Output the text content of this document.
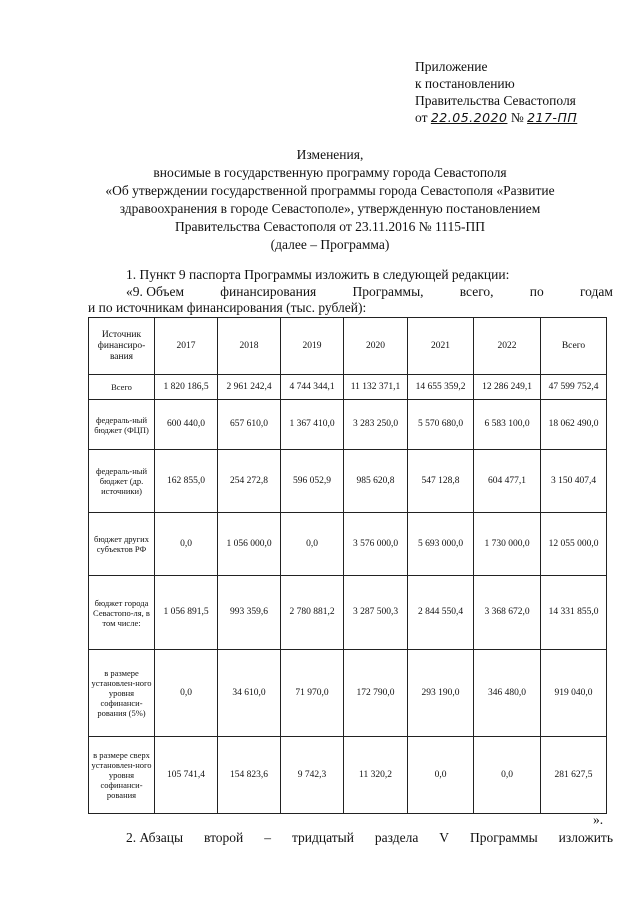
Приложение
к постановлению
Правительства Севастополя
от 22.05.2020 № 217-ПП
Изменения,
вносимые в государственную программу города Севастополя
«Об утверждении государственной программы города Севастополя «Развитие
здравоохранения в городе Севастополе», утвержденную постановлением
Правительства Севастополя от 23.11.2016 № 1115-ПП
(далее – Программа)
1. Пункт 9 паспорта Программы изложить в следующей редакции:
«9. Объем	финансирования	Программы,	всего,	по	годам
и по источникам финансирования (тыс. рублей):
Источник финансиро-вания	2017	2018	2019	2020	2021	2022	Всего
Всего	1 820 186,5	2 961 242,4	4 744 344,1	11 132 371,1	14 655 359,2	12 286 249,1	47 599 752,4
федераль-ный бюджет (ФЦП)	600 440,0	657 610,0	1 367 410,0	3 283 250,0	5 570 680,0	6 583 100,0	18 062 490,0
федераль-ный бюджет (др. источники)	162 855,0	254 272,8	596 052,9	985 620,8	547 128,8	604 477,1	3 150 407,4
бюджет других субъектов РФ	0,0	1 056 000,0	0,0	3 576 000,0	5 693 000,0	1 730 000,0	12 055 000,0
бюджет города Севастопо-ля, в том числе:	1 056 891,5	993 359,6	2 780 881,2	3 287 500,3	2 844 550,4	3 368 672,0	14 331 855,0
в размере установлен-ного уровня софинанси-рования (5%)	0,0	34 610,0	71 970,0	172 790,0	293 190,0	346 480,0	919 040,0
в размере сверх установлен-ного уровня софинанси-рования	105 741,4	154 823,6	9 742,3	11 320,2	0,0	0,0	281 627,5
».
2. Абзацы второй – тридцатый раздела V Программы изложить
